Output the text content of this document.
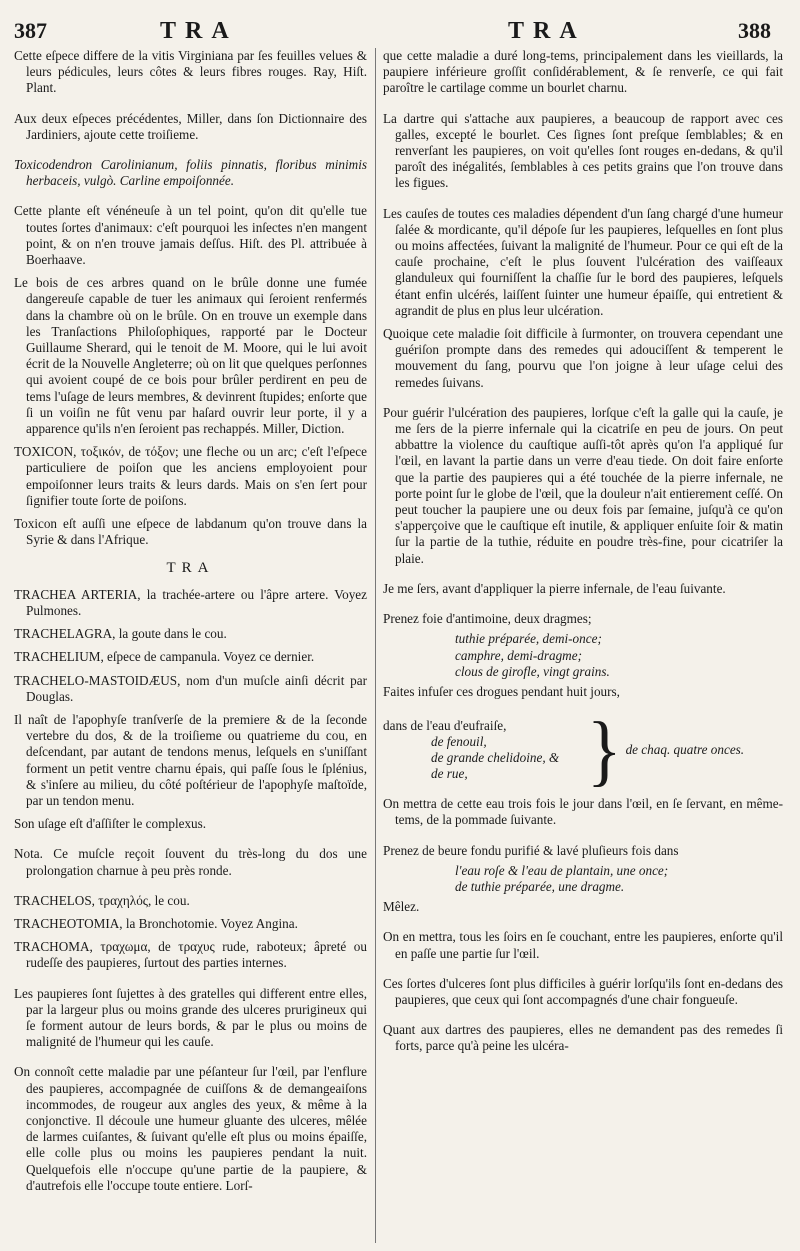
387	TRA	TRA	388

Cette eſpece differe de la vitis Virginiana par ſes feuilles velues & leurs pédicules, leurs côtes & leurs fibres rouges. Ray, Hiſt. Plant.

Aux deux eſpeces précédentes, Miller, dans ſon Dictionnaire des Jardiniers, ajoute cette troiſieme.

Toxicodendron Carolinianum, foliis pinnatis, floribus minimis herbaceis, vulgò. Carline empoiſonnée.

Cette plante eſt vénéneuſe à un tel point, qu'on dit qu'elle tue toutes ſortes d'animaux: c'eſt pourquoi les inſectes n'en mangent point, & on n'en trouve jamais deſſus. Hiſt. des Pl. attribuée à Boerhaave.

Le bois de ces arbres quand on le brûle donne une fumée dangereuſe capable de tuer les animaux qui ſeroient renfermés dans la chambre où on le brûle. On en trouve un exemple dans les Tranſactions Philoſophiques, rapporté par le Docteur Guillaume Sherard, qui le tenoit de M. Moore, qui le lui avoit écrit de la Nouvelle Angleterre; où on lit que quelques perſonnes qui avoient coupé de ce bois pour brûler perdirent en peu de tems l'uſage de leurs membres, & devinrent ſtupides; enſorte que ſi un voiſin ne fût venu par haſard ouvrir leur porte, il y a apparence qu'ils n'en ſeroient pas rechappés. Miller, Diction.

TOXICON, τοξικόν, de τόξον; une fleche ou un arc; c'eſt l'eſpece particuliere de poiſon que les anciens employoient pour empoiſonner leurs traits & leurs dards. Mais on s'en ſert pour ſignifier toute ſorte de poiſons.

Toxicon eſt auſſi une eſpece de labdanum qu'on trouve dans la Syrie & dans l'Afrique.

TRA

TRACHEA ARTERIA, la trachée-artere ou l'âpre artere. Voyez Pulmones.

TRACHELAGRA, la goute dans le cou.

TRACHELIUM, eſpece de campanula. Voyez ce dernier.

TRACHELO-MASTOIDÆUS, nom d'un muſcle ainſi décrit par Douglas.

Il naît de l'apophyſe tranſverſe de la premiere & de la ſeconde vertebre du dos, & de la troiſieme ou quatrieme du cou, en deſcendant, par autant de tendons menus, leſquels en s'uniſſant forment un petit ventre charnu épais, qui paſſe ſous le ſplénius, & s'inſere au milieu, du côté poſtérieur de l'apophyſe maſtoïde, par un tendon menu.

Son uſage eſt d'aſſiſter le complexus.

Nota. Ce muſcle reçoit ſouvent du très-long du dos une prolongation charnue à peu près ronde.

TRACHELOS, τραχηλός, le cou.

TRACHEOTOMIA, la Bronchotomie. Voyez Angina.

TRACHOMA, τραχωμα, de τραχυς rude, raboteux; âpreté ou rudeſſe des paupieres, ſurtout des parties internes.

Les paupieres ſont ſujettes à des gratelles qui different entre elles, par la largeur plus ou moins grande des ulceres prurigineux qui ſe forment autour de leurs bords, & par le plus ou moins de malignité de l'humeur qui les cauſe.

On connoît cette maladie par une péſanteur ſur l'œil, par l'enflure des paupieres, accompagnée de cuiſſons & de demangeaiſons incommodes, de rougeur aux angles des yeux, & même à la conjonctive. Il découle une humeur gluante des ulceres, mêlée de larmes cuiſantes, & ſuivant qu'elle eſt plus ou moins épaiſſe, elle colle plus ou moins les paupieres pendant la nuit. Quelquefois elle n'occupe qu'une partie de la paupiere, & d'autrefois elle l'occupe toute entiere. Lorſ-

que cette maladie a duré long-tems, principalement dans les vieillards, la paupiere inférieure groſſit conſidérablement, & ſe renverſe, ce qui fait paroître le cartilage comme un bourlet charnu.

La dartre qui s'attache aux paupieres, a beaucoup de rapport avec ces galles, excepté le bourlet. Ces ſignes ſont preſque ſemblables; & en renverſant les paupieres, on voit qu'elles ſont rouges en-dedans, & qu'il paroît des inégalités, ſemblables à ces petits grains que l'on trouve dans les figues.

Les cauſes de toutes ces maladies dépendent d'un ſang chargé d'une humeur ſalée & mordicante, qu'il dépoſe ſur les paupieres, leſquelles en ſont plus ou moins affectées, ſuivant la malignité de l'humeur. Pour ce qui eſt de la cauſe prochaine, c'eſt le plus ſouvent l'ulcération des vaiſſeaux glanduleux qui fourniſſent la chaſſie ſur le bord des paupieres, leſquels étant enfin ulcérés, laiſſent ſuinter une humeur épaiſſe, qui entretient & agrandit de plus en plus leur ulcération.

Quoique cete maladie ſoit difficile à ſurmonter, on trouvera cependant une guériſon prompte dans des remedes qui adouciſſent & temperent le mouvement du ſang, pourvu que l'on joigne à leur uſage celui des remedes ſuivans.

Pour guérir l'ulcération des paupieres, lorſque c'eſt la galle qui la cauſe, je me ſers de la pierre infernale qui la cicatriſe en peu de jours. On peut abbattre la violence du cauſtique auſſi-tôt après qu'on l'a appliqué ſur l'œil, en lavant la partie dans un verre d'eau tiede. On doit faire enſorte que la partie des paupieres qui a été touchée de la pierre infernale, ne porte point ſur le globe de l'œil, que la douleur n'ait entierement ceſſé. On peut toucher la paupiere une ou deux fois par ſemaine, juſqu'à ce qu'on s'apperçoive que le cauſtique eſt inutile, & appliquer enſuite ſoir & matin ſur la partie de la tuthie, réduite en poudre très-fine, pour cicatriſer la plaie.

Je me ſers, avant d'appliquer la pierre infernale, de l'eau ſuivante.

Prenez foie d'antimoine, deux dragmes;

tuthie préparée, demi-once;

camphre, demi-dragme;

clous de girofle, vingt grains.

Faites infuſer ces drogues pendant huit jours,

dans de l'eau d'eufraiſe,
de fenouil,
de grande chelidoine, &
de rue,	} de chaq. quatre onces.

On mettra de cette eau trois fois le jour dans l'œil, en ſe ſervant, en même-tems, de la pommade ſuivante.

Prenez de beure fondu purifié & lavé pluſieurs fois dans

l'eau roſe & l'eau de plantain, une once;

de tuthie préparée, une dragme.

Mêlez.

On en mettra, tous les ſoirs en ſe couchant, entre les paupieres, enſorte qu'il en paſſe une partie ſur l'œil.

Ces ſortes d'ulceres ſont plus difficiles à guérir lorſqu'ils ſont en-dedans des paupieres, que ceux qui ſont accompagnés d'une chair fongueuſe.

Quant aux dartres des paupieres, elles ne demandent pas des remedes ſi forts, parce qu'à peine les ulcéra-
